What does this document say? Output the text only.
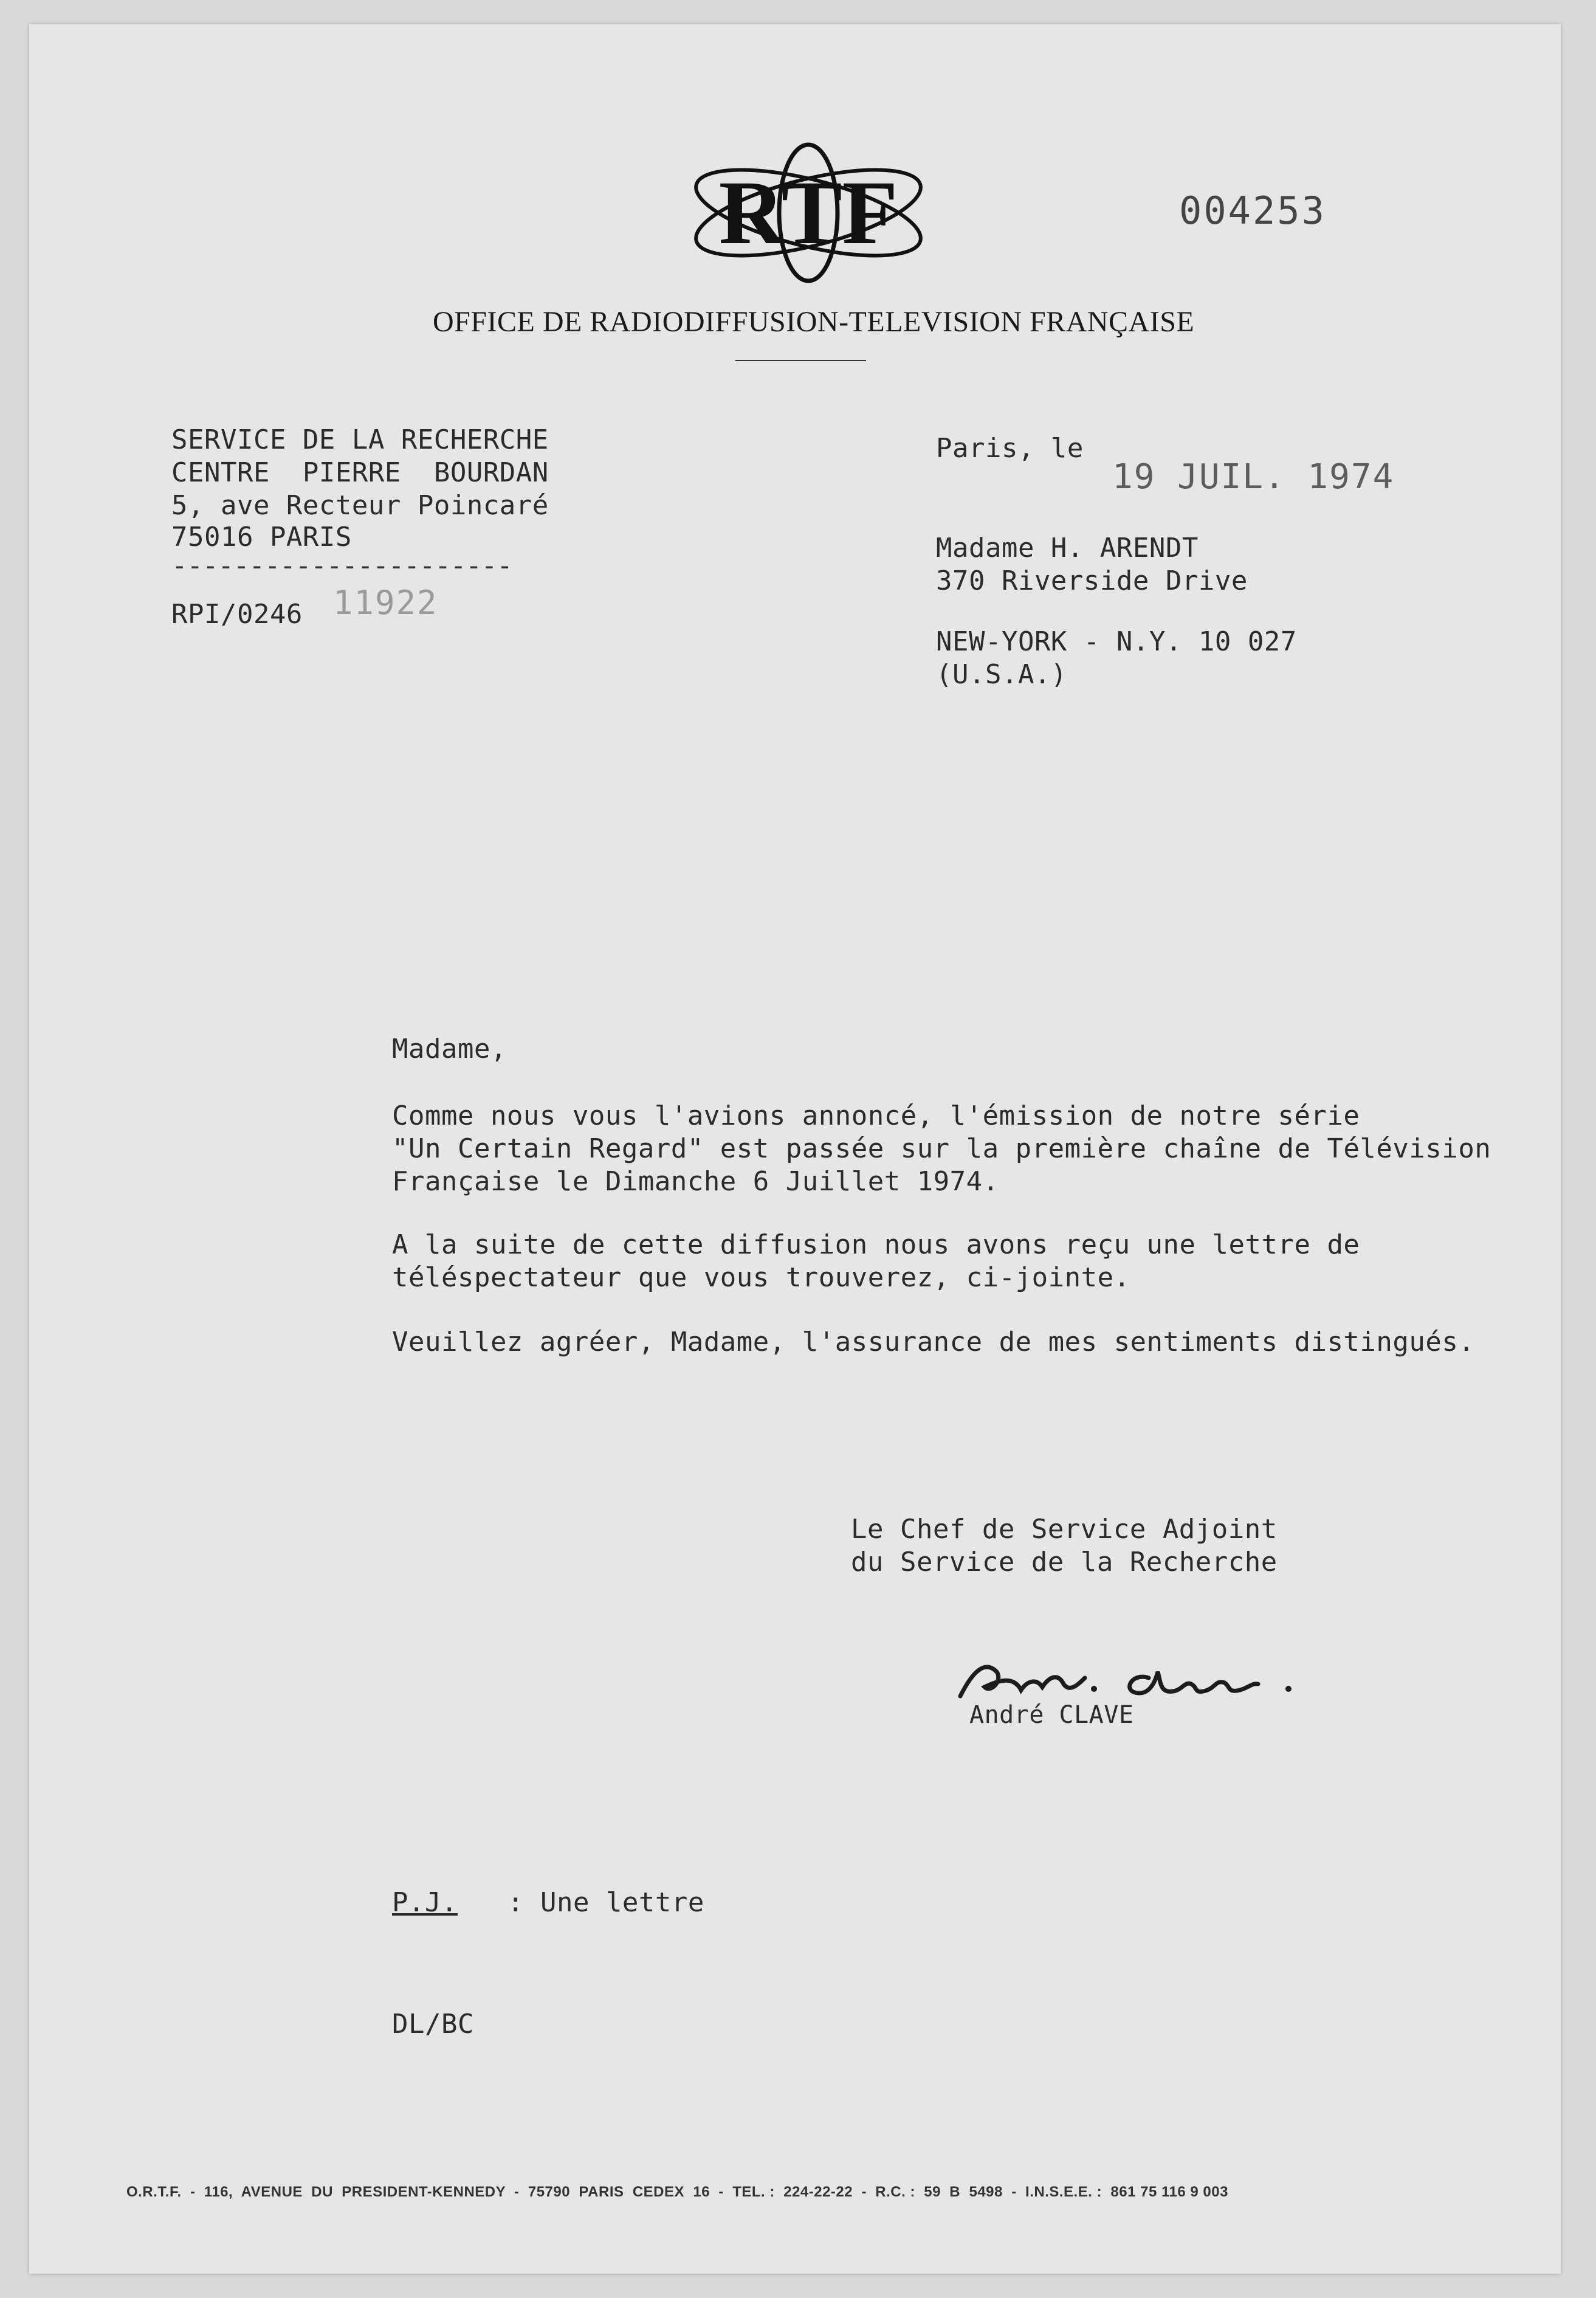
RTF	004253
OFFICE DE RADIODIFFUSION-TELEVISION FRANÇAISE
SERVICE DE LA RECHERCHE
CENTRE  PIERRE  BOURDAN
5, ave Recteur Poincaré
75016 PARIS
----------------------
RPI/0246 11922
Paris, le
19 JUIL. 1974
Madame H. ARENDT
370 Riverside Drive
NEW-YORK - N.Y. 10 027
(U.S.A.)
Madame,
Comme nous vous l'avions annoncé, l'émission de notre série
"Un Certain Regard" est passée sur la première chaîne de Télévision
Française le Dimanche 6 Juillet 1974.
A la suite de cette diffusion nous avons reçu une lettre de
téléspectateur que vous trouverez, ci-jointe.
Veuillez agréer, Madame, l'assurance de mes sentiments distingués.
Le Chef de Service Adjoint
du Service de la Recherche
André CLAVE
P.J. : Une lettre
DL/BC
O.R.T.F.  -  116,  AVENUE  DU  PRESIDENT-KENNEDY  -  75790  PARIS  CEDEX  16  -  TEL. :  224-22-22  -  R.C. :  59  B  5498  -  I.N.S.E.E. :  861 75 116 9 003
